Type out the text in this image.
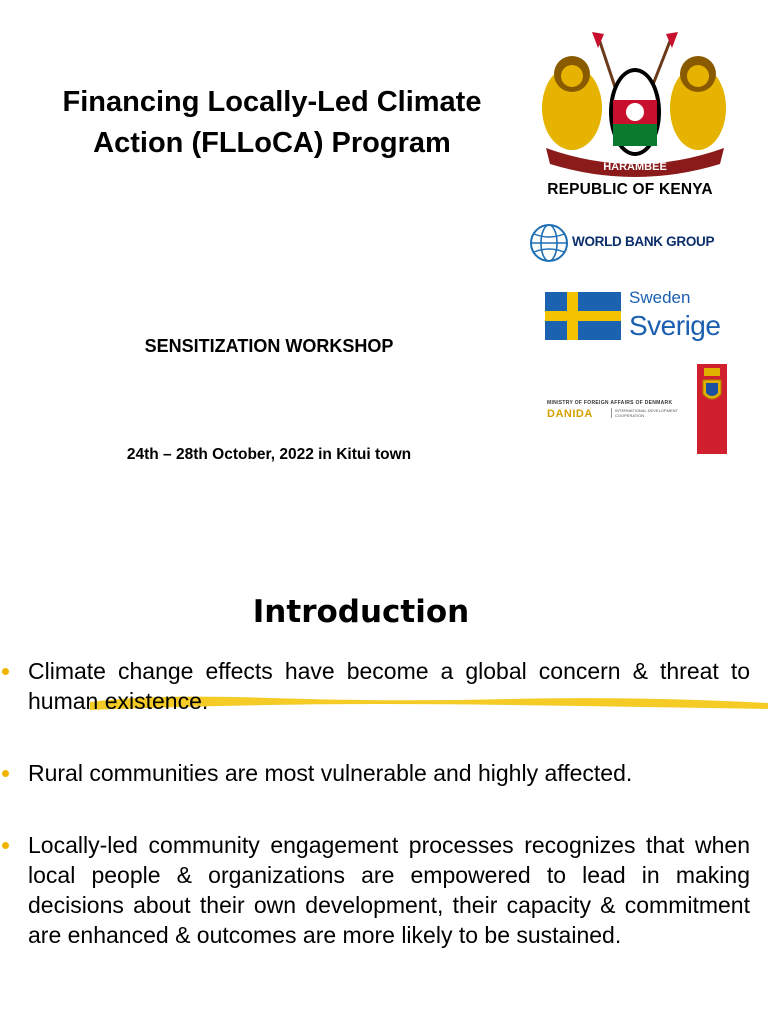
Financing Locally-Led Climate
Action (FLLoCA) Program
SENSITIZATION WORKSHOP
24th – 28th October, 2022 in Kitui town
HARAMBEE
REPUBLIC OF KENYA
WORLD BANK GROUP
Sweden
Sverige
MINISTRY OF FOREIGN AFFAIRS OF DENMARK
DANIDA	INTERNATIONAL DEVELOPMENT COOPERATION
Introduction
Climate change effects have become a global concern & threat to human existence.
Rural communities are most vulnerable and highly affected.
Locally-led community engagement processes recognizes that when local people & organizations are empowered to lead in making decisions about their own development, their capacity & commitment are enhanced & outcomes are more likely to be sustained.
